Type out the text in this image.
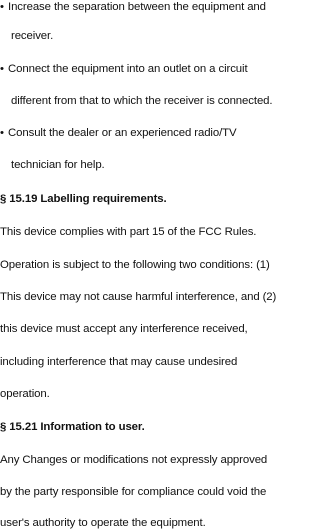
• Increase the separation between the equipment and
receiver.
• Connect the equipment into an outlet on a circuit
different from that to which the receiver is connected.
• Consult the dealer or an experienced radio/TV
technician for help.
§ 15.19 Labelling requirements.
This device complies with part 15 of the FCC Rules.
Operation is subject to the following two conditions: (1)
This device may not cause harmful interference, and (2)
this device must accept any interference received,
including interference that may cause undesired
operation.
§ 15.21 Information to user.
Any Changes or modifications not expressly approved
by the party responsible for compliance could void the
user's authority to operate the equipment.
